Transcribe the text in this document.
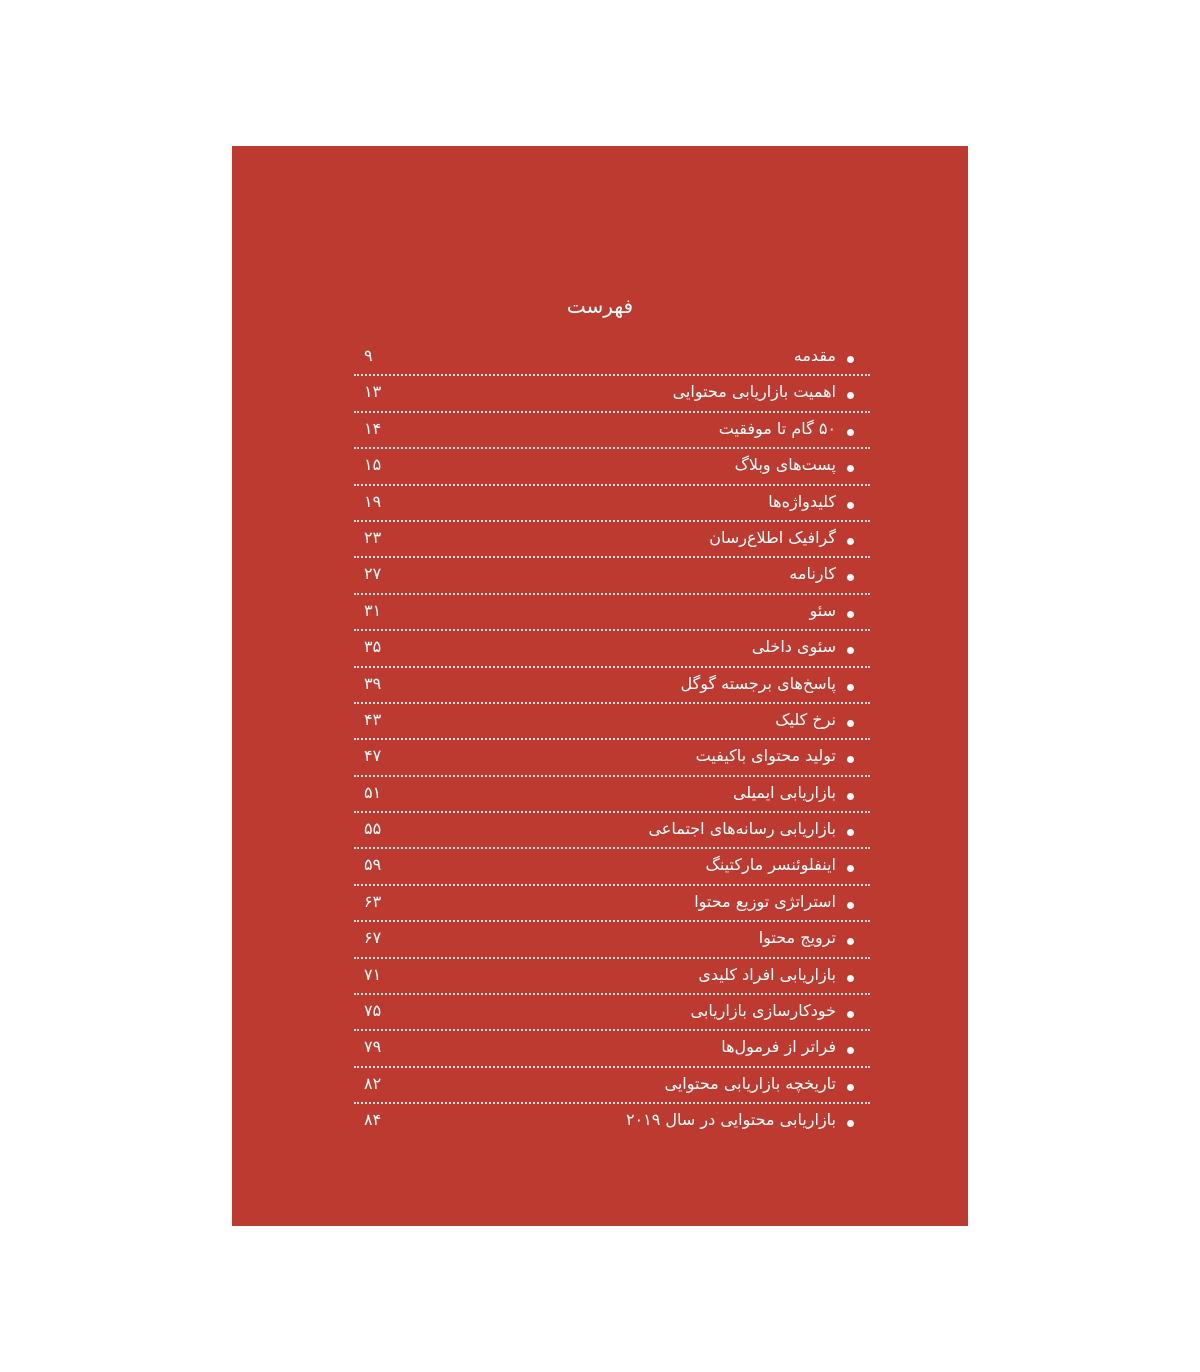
فهرست
مقدمه
۹
اهمیت بازاریابی محتوایی
۱۳
۵۰ گام تا موفقیت
۱۴
پست‌های وبلاگ
۱۵
کلیدواژه‌ها
۱۹
گرافیک اطلاع‌رسان
۲۳
کارنامه
۲۷
سئو
۳۱
سئوی داخلی
۳۵
پاسخ‌های برجسته گوگل
۳۹
نرخ کلیک
۴۳
تولید محتوای باکیفیت
۴۷
بازاریابی ایمیلی
۵۱
بازاریابی رسانه‌های اجتماعی
۵۵
اینفلوئنسر مارکتینگ
۵۹
استراتژی توزیع محتوا
۶۳
ترویج محتوا
۶۷
بازاریابی افراد کلیدی
۷۱
خودکارسازی بازاریابی
۷۵
فراتر از فرمول‌ها
۷۹
تاریخچه بازاریابی محتوایی
۸۲
بازاریابی محتوایی در سال ۲۰۱۹
۸۴
